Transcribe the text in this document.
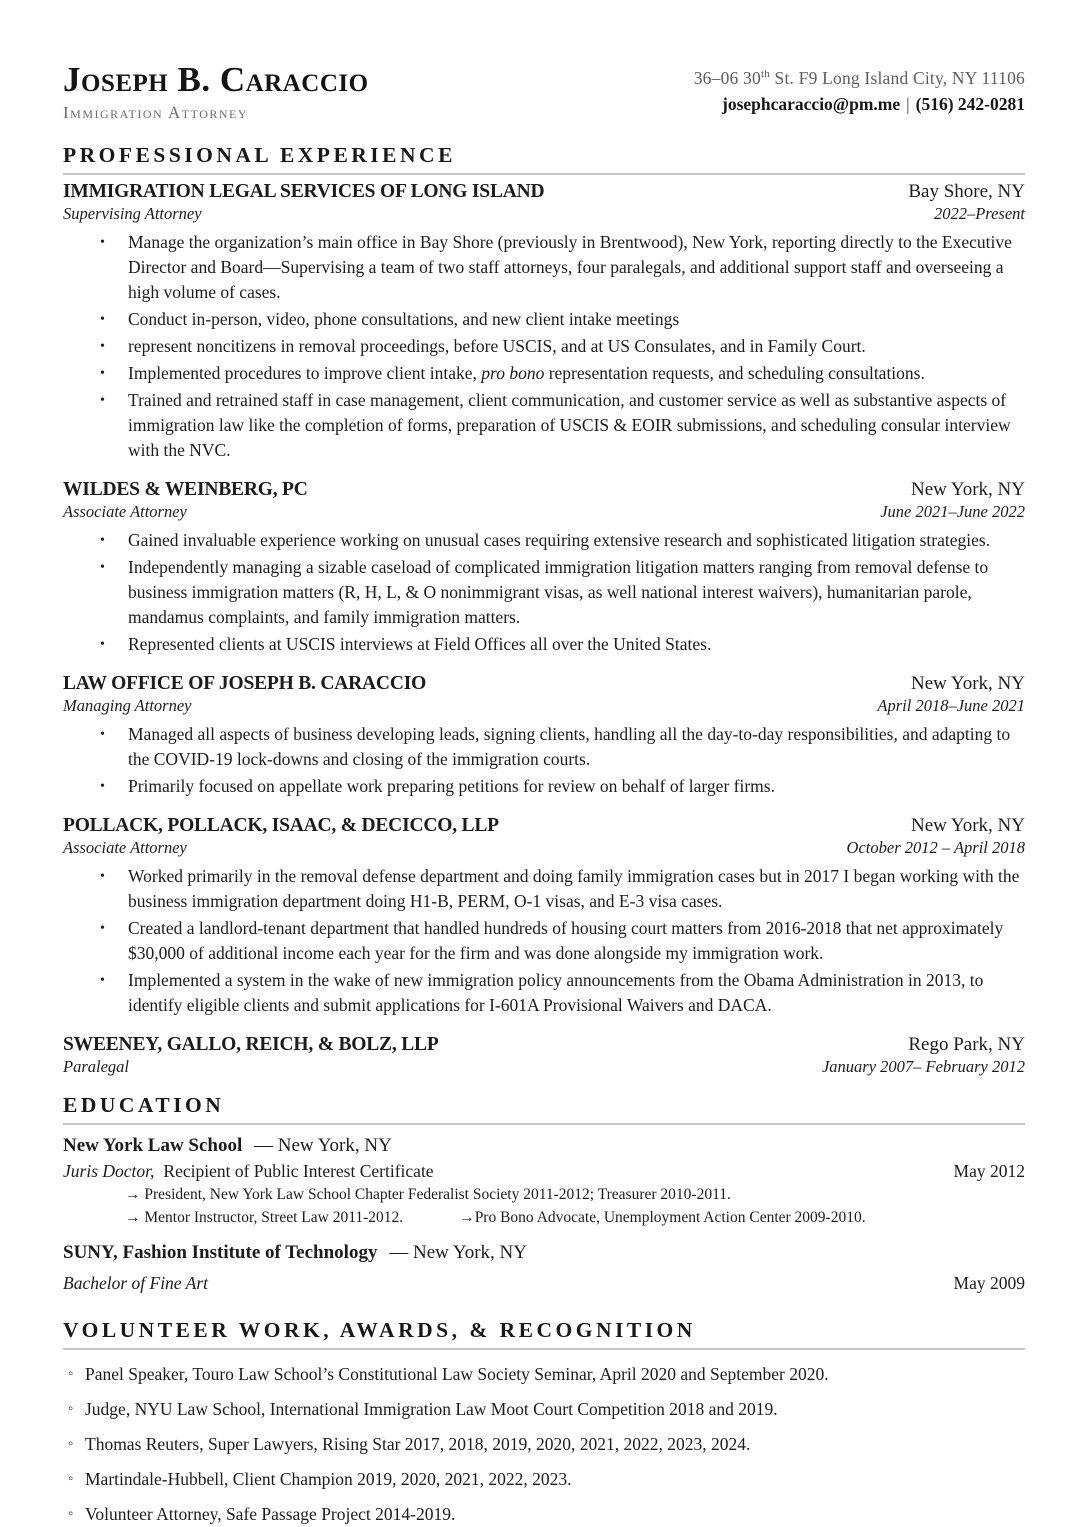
Joseph B. Caraccio
Immigration Attorney
36–06 30th St. F9 Long Island City, NY 11106
josephcaraccio@pm.me | (516) 242-0281
PROFESSIONAL EXPERIENCE
IMMIGRATION LEGAL SERVICES OF LONG ISLAND	Bay Shore, NY
Supervising Attorney	2022–Present
•	Manage the organization’s main office in Bay Shore (previously in Brentwood), New York, reporting directly to the Executive Director and Board—Supervising a team of two staff attorneys, four paralegals, and additional support staff and overseeing a high volume of cases.
•	Conduct in-person, video, phone consultations, and new client intake meetings
•	represent noncitizens in removal proceedings, before USCIS, and at US Consulates, and in Family Court.
•	Implemented procedures to improve client intake, pro bono representation requests, and scheduling consultations.
•	Trained and retrained staff in case management, client communication, and customer service as well as substantive aspects of immigration law like the completion of forms, preparation of USCIS & EOIR submissions, and scheduling consular interview with the NVC.
WILDES & WEINBERG, PC	New York, NY
Associate Attorney	June 2021–June 2022
•	Gained invaluable experience working on unusual cases requiring extensive research and sophisticated litigation strategies.
•	Independently managing a sizable caseload of complicated immigration litigation matters ranging from removal defense to business immigration matters (R, H, L, & O nonimmigrant visas, as well national interest waivers), humanitarian parole, mandamus complaints, and family immigration matters.
•	Represented clients at USCIS interviews at Field Offices all over the United States.
LAW OFFICE OF JOSEPH B. CARACCIO	New York, NY
Managing Attorney	April 2018–June 2021
•	Managed all aspects of business developing leads, signing clients, handling all the day-to-day responsibilities, and adapting to the COVID-19 lock-downs and closing of the immigration courts.
•	Primarily focused on appellate work preparing petitions for review on behalf of larger firms.
POLLACK, POLLACK, ISAAC, & DECICCO, LLP	New York, NY
Associate Attorney	October 2012 – April 2018
•	Worked primarily in the removal defense department and doing family immigration cases but in 2017 I began working with the business immigration department doing H1-B, PERM, O-1 visas, and E-3 visa cases.
•	Created a landlord-tenant department that handled hundreds of housing court matters from 2016-2018 that net approximately $30,000 of additional income each year for the firm and was done alongside my immigration work.
•	Implemented a system in the wake of new immigration policy announcements from the Obama Administration in 2013, to identify eligible clients and submit applications for I-601A Provisional Waivers and DACA.
SWEENEY, GALLO, REICH, & BOLZ, LLP	Rego Park, NY
Paralegal	January 2007– February 2012
EDUCATION
New York Law School — New York, NY
Juris Doctor, Recipient of Public Interest Certificate	May 2012
→ President, New York Law School Chapter Federalist Society 2011-2012; Treasurer 2010-2011.
→ Mentor Instructor, Street Law 2011-2012.	→Pro Bono Advocate, Unemployment Action Center 2009-2010.
SUNY, Fashion Institute of Technology — New York, NY
Bachelor of Fine Art	May 2009
VOLUNTEER WORK, AWARDS, & RECOGNITION
◦ Panel Speaker, Touro Law School’s Constitutional Law Society Seminar, April 2020 and September 2020.
◦ Judge, NYU Law School, International Immigration Law Moot Court Competition 2018 and 2019.
◦ Thomas Reuters, Super Lawyers, Rising Star 2017, 2018, 2019, 2020, 2021, 2022, 2023, 2024.
◦ Martindale-Hubbell, Client Champion 2019, 2020, 2021, 2022, 2023.
◦ Volunteer Attorney, Safe Passage Project 2014-2019.
